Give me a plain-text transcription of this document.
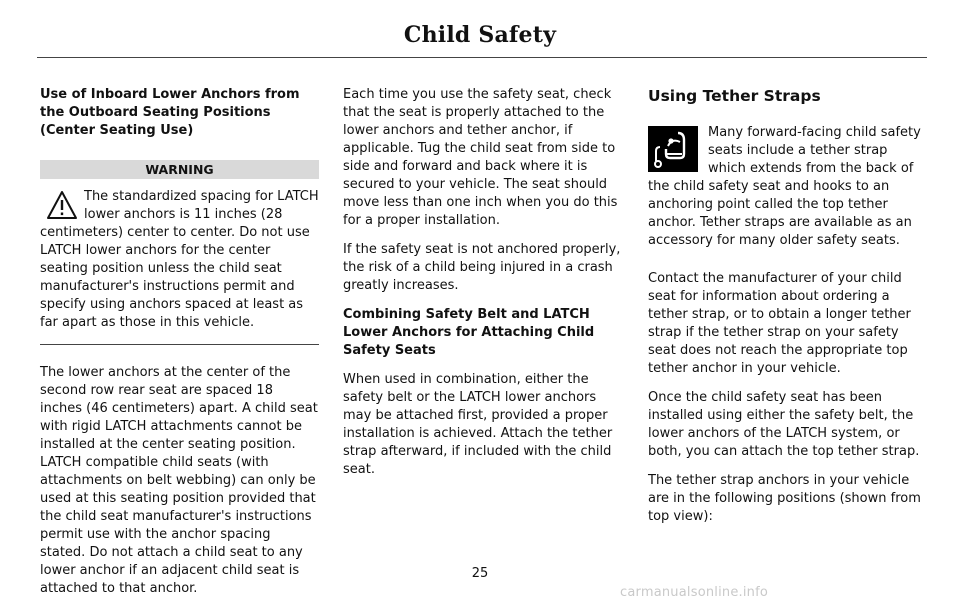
Child Safety
Use of Inboard Lower Anchors from the Outboard Seating Positions (Center Seating Use)
WARNING
The standardized spacing for LATCH lower anchors is 11 inches (28 centimeters) center to center. Do not use LATCH lower anchors for the center seating position unless the child seat manufacturer's instructions permit and specify using anchors spaced at least as far apart as those in this vehicle.

The lower anchors at the center of the second row rear seat are spaced 18 inches (46 centimeters) apart. A child seat with rigid LATCH attachments cannot be installed at the center seating position. LATCH compatible child seats (with attachments on belt webbing) can only be used at this seating position provided that the child seat manufacturer's instructions permit use with the anchor spacing stated. Do not attach a child seat to any lower anchor if an adjacent child seat is attached to that anchor.

Each time you use the safety seat, check that the seat is properly attached to the lower anchors and tether anchor, if applicable. Tug the child seat from side to side and forward and back where it is secured to your vehicle. The seat should move less than one inch when you do this for a proper installation.

If the safety seat is not anchored properly, the risk of a child being injured in a crash greatly increases.

Combining Safety Belt and LATCH Lower Anchors for Attaching Child Safety Seats

When used in combination, either the safety belt or the LATCH lower anchors may be attached first, provided a proper installation is achieved. Attach the tether strap afterward, if included with the child seat.

Using Tether Straps

Many forward-facing child safety seats include a tether strap which extends from the back of the child safety seat and hooks to an anchoring point called the top tether anchor. Tether straps are available as an accessory for many older safety seats.

Contact the manufacturer of your child seat for information about ordering a tether strap, or to obtain a longer tether strap if the tether strap on your safety seat does not reach the appropriate top tether anchor in your vehicle.

Once the child safety seat has been installed using either the safety belt, the lower anchors of the LATCH system, or both, you can attach the top tether strap.

The tether strap anchors in your vehicle are in the following positions (shown from top view):

25
carmanualsonline.info
